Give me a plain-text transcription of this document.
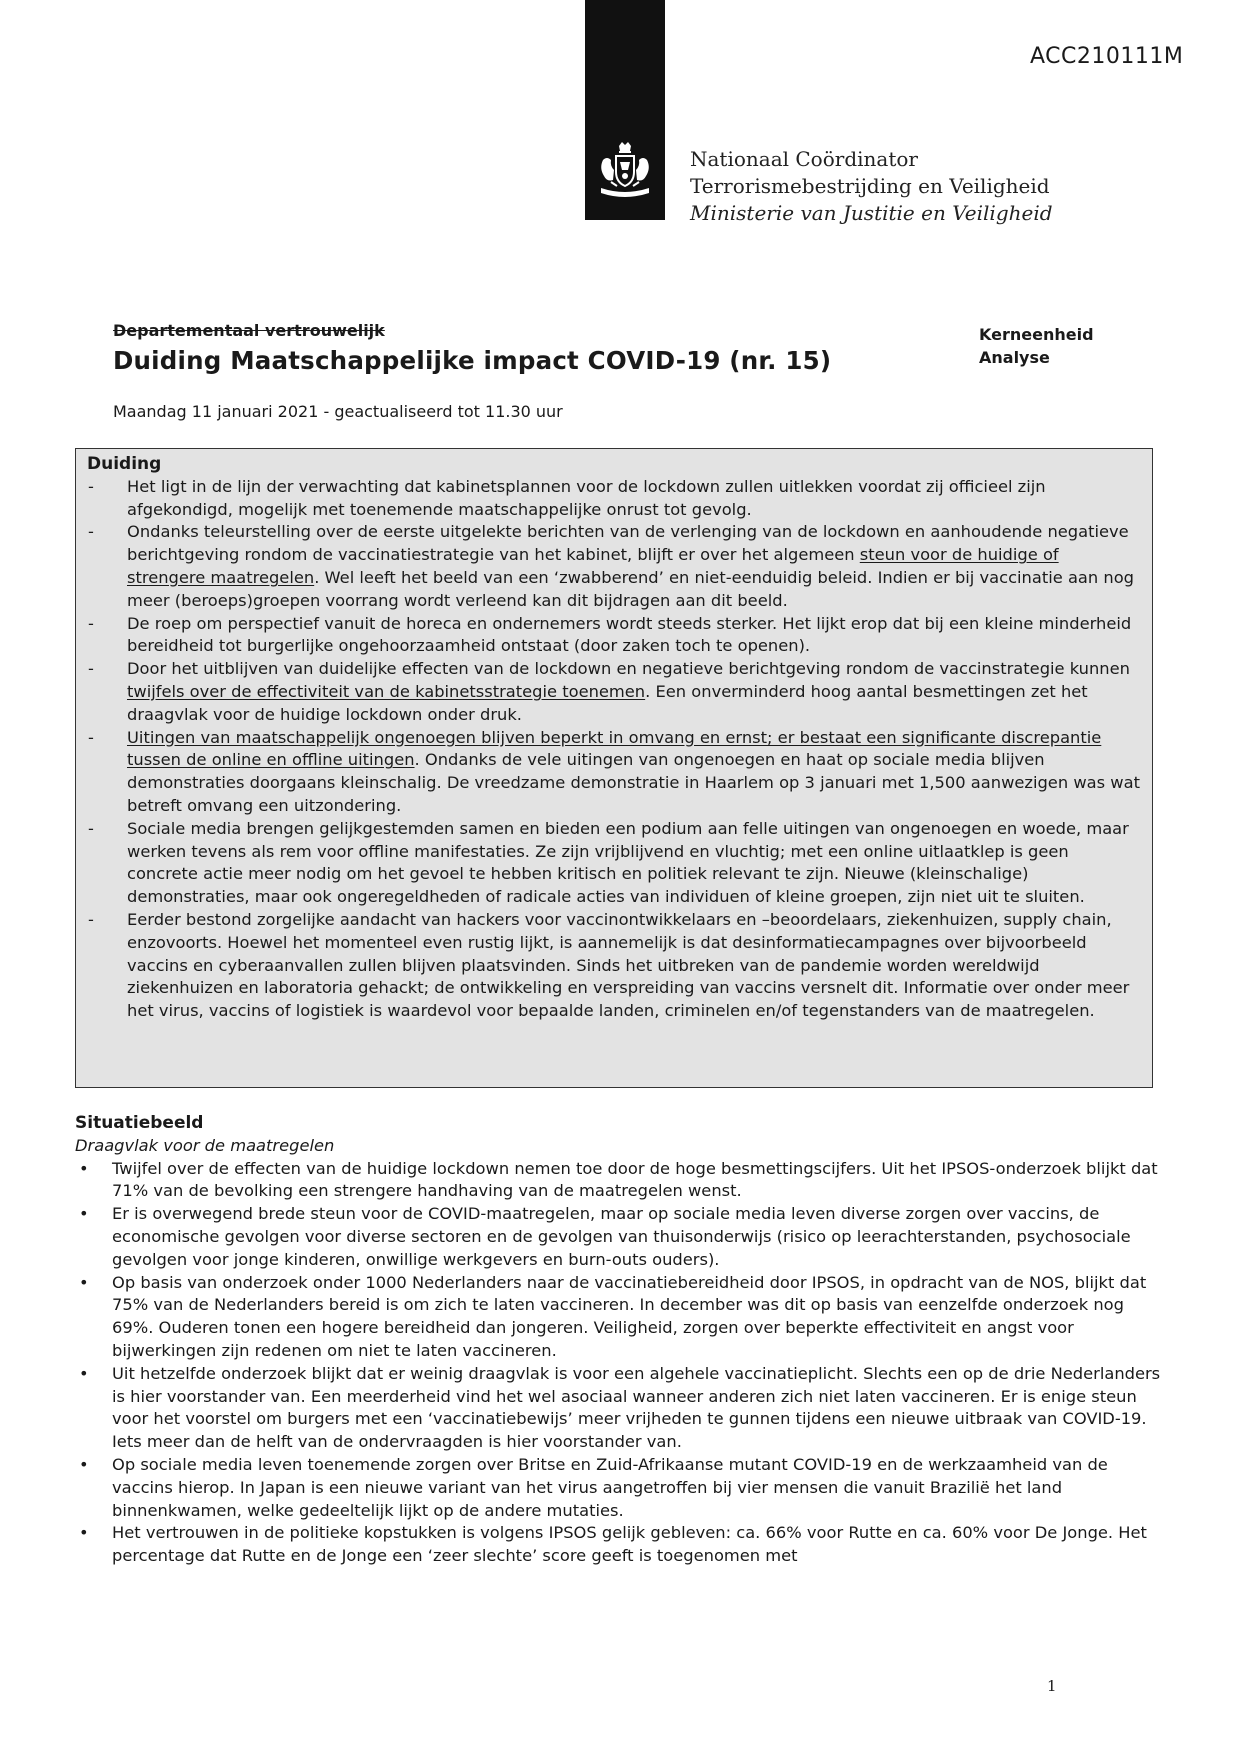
ACC210111M
Nationaal Coördinator
Terrorismebestrijding en Veiligheid
Ministerie van Justitie en Veiligheid
Departementaal vertrouwelijk
Duiding Maatschappelijke impact COVID-19 (nr. 15)
Kerneenheid
Analyse
Maandag 11 januari 2021 - geactualiseerd tot 11.30 uur
Duiding
- Het ligt in de lijn der verwachting dat kabinetsplannen voor de lockdown zullen uitlekken voordat zij officieel zijn afgekondigd, mogelijk met toenemende maatschappelijke onrust tot gevolg.
- Ondanks teleurstelling over de eerste uitgelekte berichten van de verlenging van de lockdown en aanhoudende negatieve berichtgeving rondom de vaccinatiestrategie van het kabinet, blijft er over het algemeen steun voor de huidige of strengere maatregelen. Wel leeft het beeld van een ‘zwabberend’ en niet-eenduidig beleid. Indien er bij vaccinatie aan nog meer (beroeps)groepen voorrang wordt verleend kan dit bijdragen aan dit beeld.
- De roep om perspectief vanuit de horeca en ondernemers wordt steeds sterker. Het lijkt erop dat bij een kleine minderheid bereidheid tot burgerlijke ongehoorzaamheid ontstaat (door zaken toch te openen).
- Door het uitblijven van duidelijke effecten van de lockdown en negatieve berichtgeving rondom de vaccinstrategie kunnen twijfels over de effectiviteit van de kabinetsstrategie toenemen. Een onverminderd hoog aantal besmettingen zet het draagvlak voor de huidige lockdown onder druk.
- Uitingen van maatschappelijk ongenoegen blijven beperkt in omvang en ernst; er bestaat een significante discrepantie tussen de online en offline uitingen. Ondanks de vele uitingen van ongenoegen en haat op sociale media blijven demonstraties doorgaans kleinschalig. De vreedzame demonstratie in Haarlem op 3 januari met 1,500 aanwezigen was wat betreft omvang een uitzondering.
- Sociale media brengen gelijkgestemden samen en bieden een podium aan felle uitingen van ongenoegen en woede, maar werken tevens als rem voor offline manifestaties. Ze zijn vrijblijvend en vluchtig; met een online uitlaatklep is geen concrete actie meer nodig om het gevoel te hebben kritisch en politiek relevant te zijn. Nieuwe (kleinschalige) demonstraties, maar ook ongeregeldheden of radicale acties van individuen of kleine groepen, zijn niet uit te sluiten.
- Eerder bestond zorgelijke aandacht van hackers voor vaccinontwikkelaars en –beoordelaars, ziekenhuizen, supply chain, enzovoorts. Hoewel het momenteel even rustig lijkt, is aannemelijk is dat desinformatiecampagnes over bijvoorbeeld vaccins en cyberaanvallen zullen blijven plaatsvinden. Sinds het uitbreken van de pandemie worden wereldwijd ziekenhuizen en laboratoria gehackt; de ontwikkeling en verspreiding van vaccins versnelt dit. Informatie over onder meer het virus, vaccins of logistiek is waardevol voor bepaalde landen, criminelen en/of tegenstanders van de maatregelen.
Situatiebeeld
Draagvlak voor de maatregelen
• Twijfel over de effecten van de huidige lockdown nemen toe door de hoge besmettingscijfers. Uit het IPSOS-onderzoek blijkt dat 71% van de bevolking een strengere handhaving van de maatregelen wenst.
• Er is overwegend brede steun voor de COVID-maatregelen, maar op sociale media leven diverse zorgen over vaccins, de economische gevolgen voor diverse sectoren en de gevolgen van thuisonderwijs (risico op leerachterstanden, psychosociale gevolgen voor jonge kinderen, onwillige werkgevers en burn-outs ouders).
• Op basis van onderzoek onder 1000 Nederlanders naar de vaccinatiebereidheid door IPSOS, in opdracht van de NOS, blijkt dat 75% van de Nederlanders bereid is om zich te laten vaccineren. In december was dit op basis van eenzelfde onderzoek nog 69%. Ouderen tonen een hogere bereidheid dan jongeren. Veiligheid, zorgen over beperkte effectiviteit en angst voor bijwerkingen zijn redenen om niet te laten vaccineren.
• Uit hetzelfde onderzoek blijkt dat er weinig draagvlak is voor een algehele vaccinatieplicht. Slechts een op de drie Nederlanders is hier voorstander van. Een meerderheid vind het wel asociaal wanneer anderen zich niet laten vaccineren. Er is enige steun voor het voorstel om burgers met een ‘vaccinatiebewijs’ meer vrijheden te gunnen tijdens een nieuwe uitbraak van COVID-19. Iets meer dan de helft van de ondervraagden is hier voorstander van.
• Op sociale media leven toenemende zorgen over Britse en Zuid-Afrikaanse mutant COVID-19 en de werkzaamheid van de vaccins hierop. In Japan is een nieuwe variant van het virus aangetroffen bij vier mensen die vanuit Brazilië het land binnenkwamen, welke gedeeltelijk lijkt op de andere mutaties.
• Het vertrouwen in de politieke kopstukken is volgens IPSOS gelijk gebleven: ca. 66% voor Rutte en ca. 60% voor De Jonge. Het percentage dat Rutte en de Jonge een ‘zeer slechte’ score geeft is toegenomen met
1
